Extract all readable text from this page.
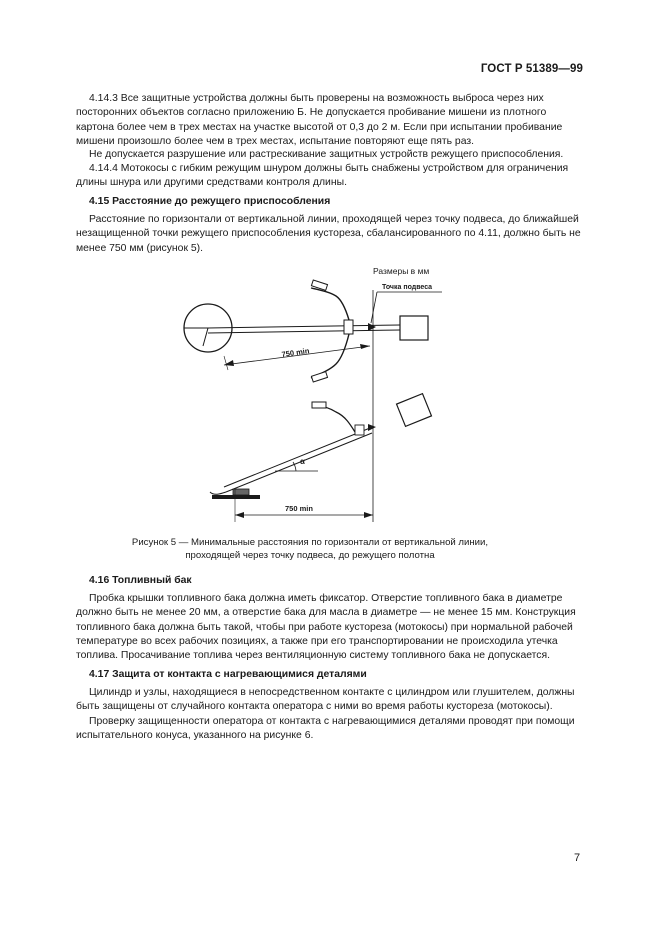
ГОСТ Р 51389—99
4.14.3 Все защитные устройства должны быть проверены на возможность выброса через них посторонних объектов согласно приложению Б. Не допускается пробивание мишени из плотного картона более чем в трех местах на участке высотой от 0,3 до 2 м. Если при испытании пробивание мишени произошло более чем в трех местах, испытание повторяют еще пять раз.
Не допускается разрушение или растрескивание защитных устройств режущего приспособления.
4.14.4 Мотокосы с гибким режущим шнуром должны быть снабжены устройством для ограничения длины шнура или другими средствами контроля длины.
4.15 Расстояние до режущего приспособления
Расстояние по горизонтали от вертикальной линии, проходящей через точку подвеса, до ближайшей незащищенной точки режущего приспособления кустореза, сбалансированного по 4.11, должно быть не менее 750 мм (рисунок 5).
Размеры в мм
Точка подвеса
750 min
α
750 min
Рисунок 5 — Минимальные расстояния по горизонтали от вертикальной линии,
проходящей через точку подвеса, до режущего полотна
4.16 Топливный бак
Пробка крышки топливного бака должна иметь фиксатор. Отверстие топливного бака в диаметре должно быть не менее 20 мм, а отверстие бака для масла в диаметре — не менее 15 мм. Конструкция топливного бака должна быть такой, чтобы при работе кустореза (мотокосы) при нормальной рабочей температуре во всех рабочих позициях, а также при его транспортировании не происходила утечка топлива. Просачивание топлива через вентиляционную систему топливного бака не допускается.
4.17 Защита от контакта с нагревающимися деталями
Цилиндр и узлы, находящиеся в непосредственном контакте с цилиндром или глушителем, должны быть защищены от случайного контакта оператора с ними во время работы кустореза (мотокосы).
Проверку защищенности оператора от контакта с нагревающимися деталями проводят при помощи испытательного конуса, указанного на рисунке 6.
7
